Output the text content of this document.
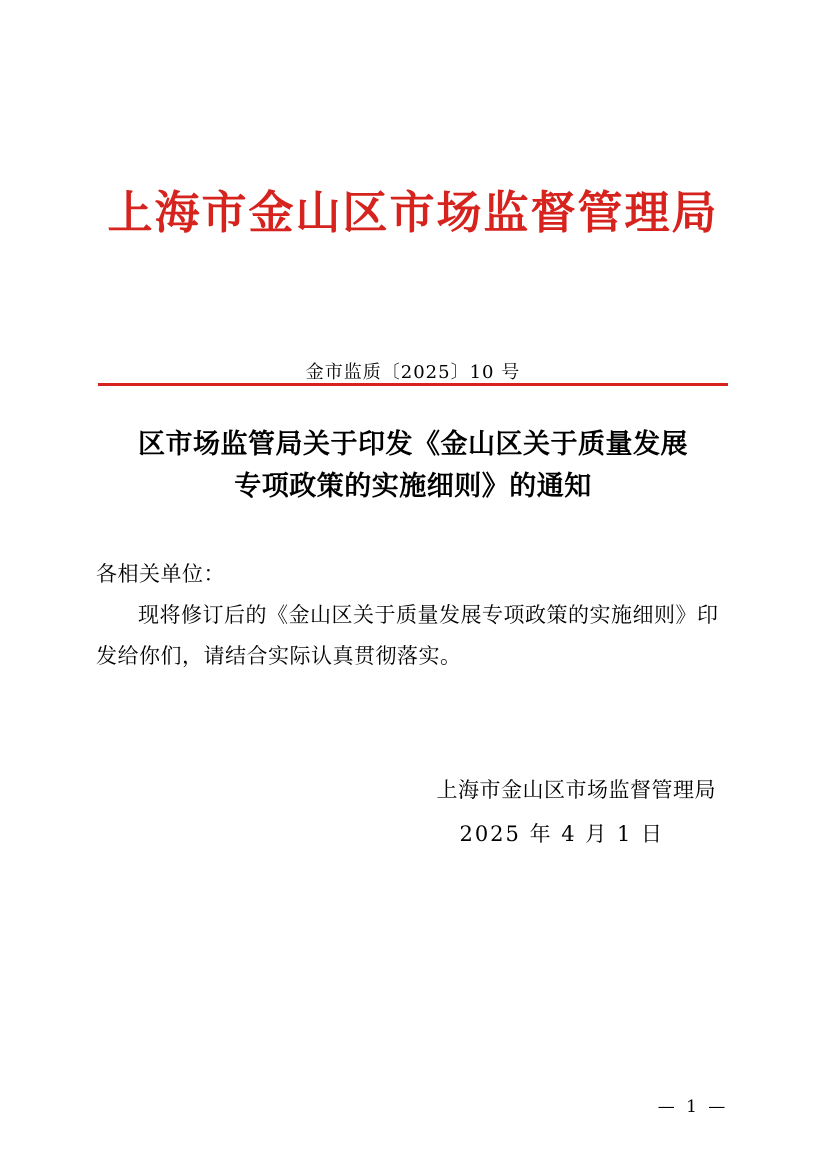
上海市金山区市场监督管理局
金市监质〔2025〕10 号
区市场监管局关于印发《金山区关于质量发展
专项政策的实施细则》的通知

各相关单位：

现将修订后的《金山区关于质量发展专项政策的实施细则》印发给你们，请结合实际认真贯彻落实。

上海市金山区市场监督管理局
2025 年 4 月 1 日
— 1 —
